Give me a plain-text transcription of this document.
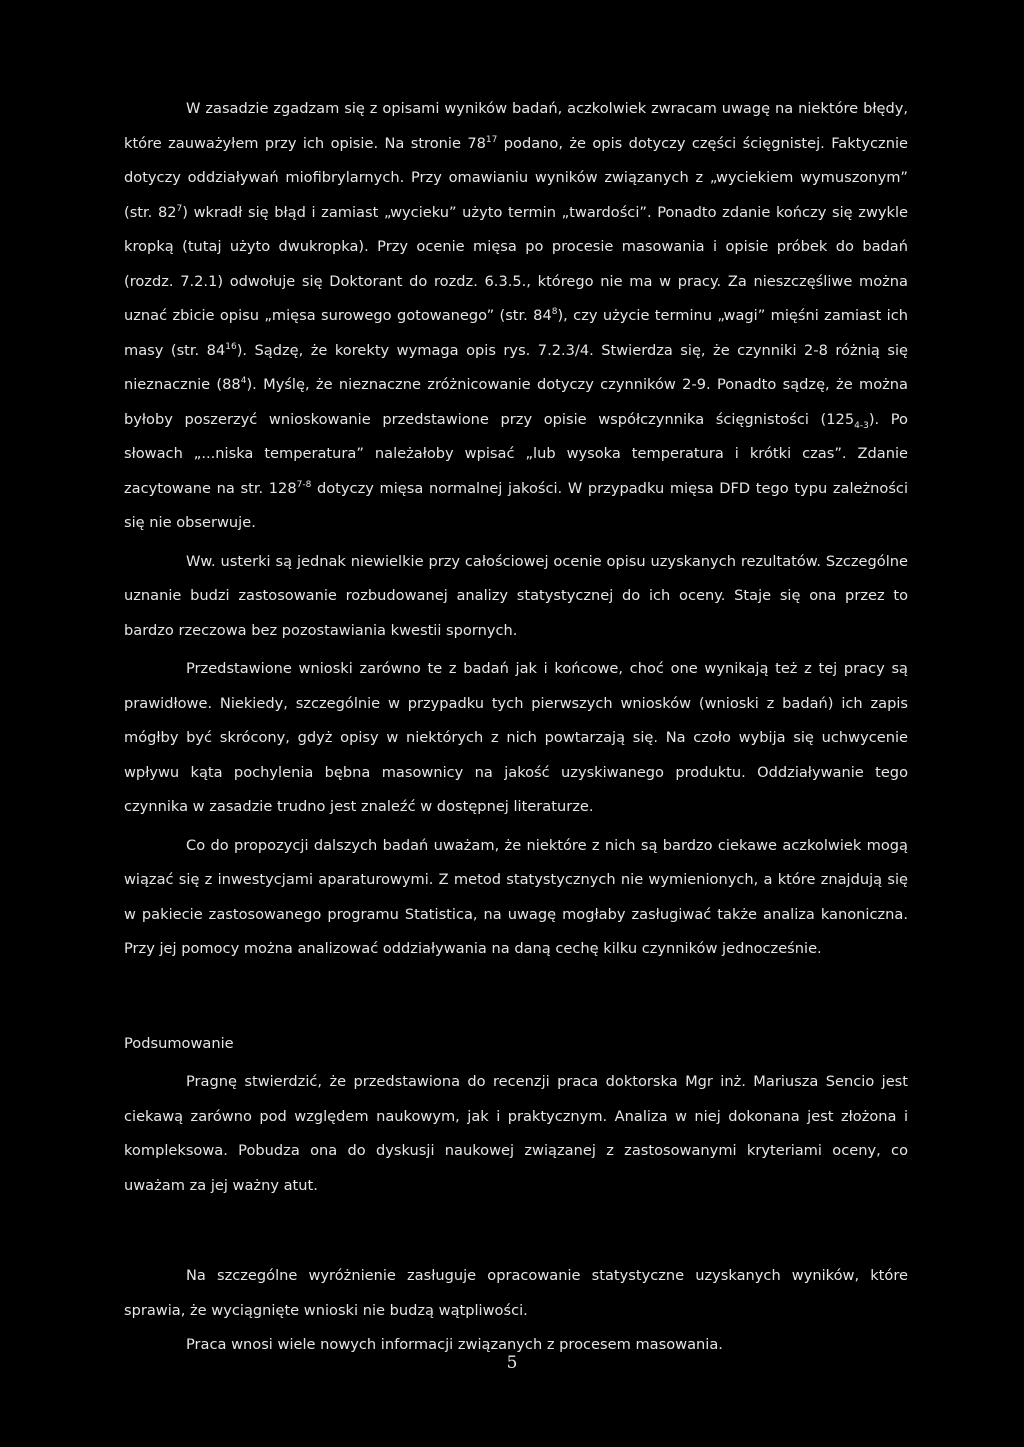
W zasadzie zgadzam się z opisami wyników badań, aczkolwiek zwracam uwagę na niektóre błędy, które zauważyłem przy ich opisie. Na stronie $78^{17}$ podano, że opis dotyczy części ścięgnistej. Faktycznie dotyczy oddziaływań miofibrylarnych. Przy omawianiu wyników związanych z „wyciekiem wymuszonym” (str. $82^7$) wkradł się błąd i zamiast „wycieku” użyto termin „twardości”. Ponadto zdanie kończy się zwykle kropką (tutaj użyto dwukropka). Przy ocenie mięsa po procesie masowania i opisie próbek do badań (rozdz. 7.2.1) odwołuje się Doktorant do rozdz. 6.3.5., którego nie ma w pracy. Za nieszczęśliwe można uznać zbicie opisu „mięsa surowego gotowanego” (str. $84^8$), czy użycie terminu „wagi” mięśni zamiast ich masy (str. $84^{16}$). Sądzę, że korekty wymaga opis rys. 7.2.3/4. Stwierdza się, że czynniki 2-8 różnią się nieznacznie $(88^4)$. Myślę, że nieznaczne zróżnicowanie dotyczy czynników 2-9. Ponadto sądzę, że można byłoby poszerzyć wnioskowanie przedstawione przy opisie współczynnika ścięgnistości $(125_{4-3})$. Po słowach „...niska temperatura” należałoby wpisać „lub wysoka temperatura i krótki czas”. Zdanie zacytowane na str. 128$^{7-8}$ dotyczy mięsa normalnej jakości. W przypadku mięsa DFD tego typu zależności się nie obserwuje.

Ww. usterki są jednak niewielkie przy całościowej ocenie opisu uzyskanych rezultatów. Szczególne uznanie budzi zastosowanie rozbudowanej analizy statystycznej do ich oceny. Staje się ona przez to bardzo rzeczowa bez pozostawiania kwestii spornych.

Przedstawione wnioski zarówno te z badań jak i końcowe, choć one wynikają też z tej pracy są prawidłowe. Niekiedy, szczególnie w przypadku tych pierwszych wniosków (wnioski z badań) ich zapis mógłby być skrócony, gdyż opisy w niektórych z nich powtarzają się. Na czoło wybija się uchwycenie wpływu kąta pochylenia bębna masownicy na jakość uzyskiwanego produktu. Oddziaływanie tego czynnika w zasadzie trudno jest znaleźć w dostępnej literaturze.

Co do propozycji dalszych badań uważam, że niektóre z nich są bardzo ciekawe aczkolwiek mogą wiązać się z inwestycjami aparaturowymi. Z metod statystycznych nie wymienionych, a które znajdują się w pakiecie zastosowanego programu Statistica, na uwagę mogłaby zasługiwać także analiza kanoniczna. Przy jej pomocy można analizować oddziaływania na daną cechę kilku czynników jednocześnie.

Podsumowanie

Pragnę stwierdzić, że przedstawiona do recenzji praca doktorska Mgr inż. Mariusza Sencio jest ciekawą zarówno pod względem naukowym, jak i praktycznym. Analiza w niej dokonana jest złożona i kompleksowa. Pobudza ona do dyskusji naukowej związanej z zastosowanymi kryteriami oceny, co uważam za jej ważny atut.

Na szczególne wyróżnienie zasługuje opracowanie statystyczne uzyskanych wyników, które sprawia, że wyciągnięte wnioski nie budzą wątpliwości.

Praca wnosi wiele nowych informacji związanych z procesem masowania.

5
